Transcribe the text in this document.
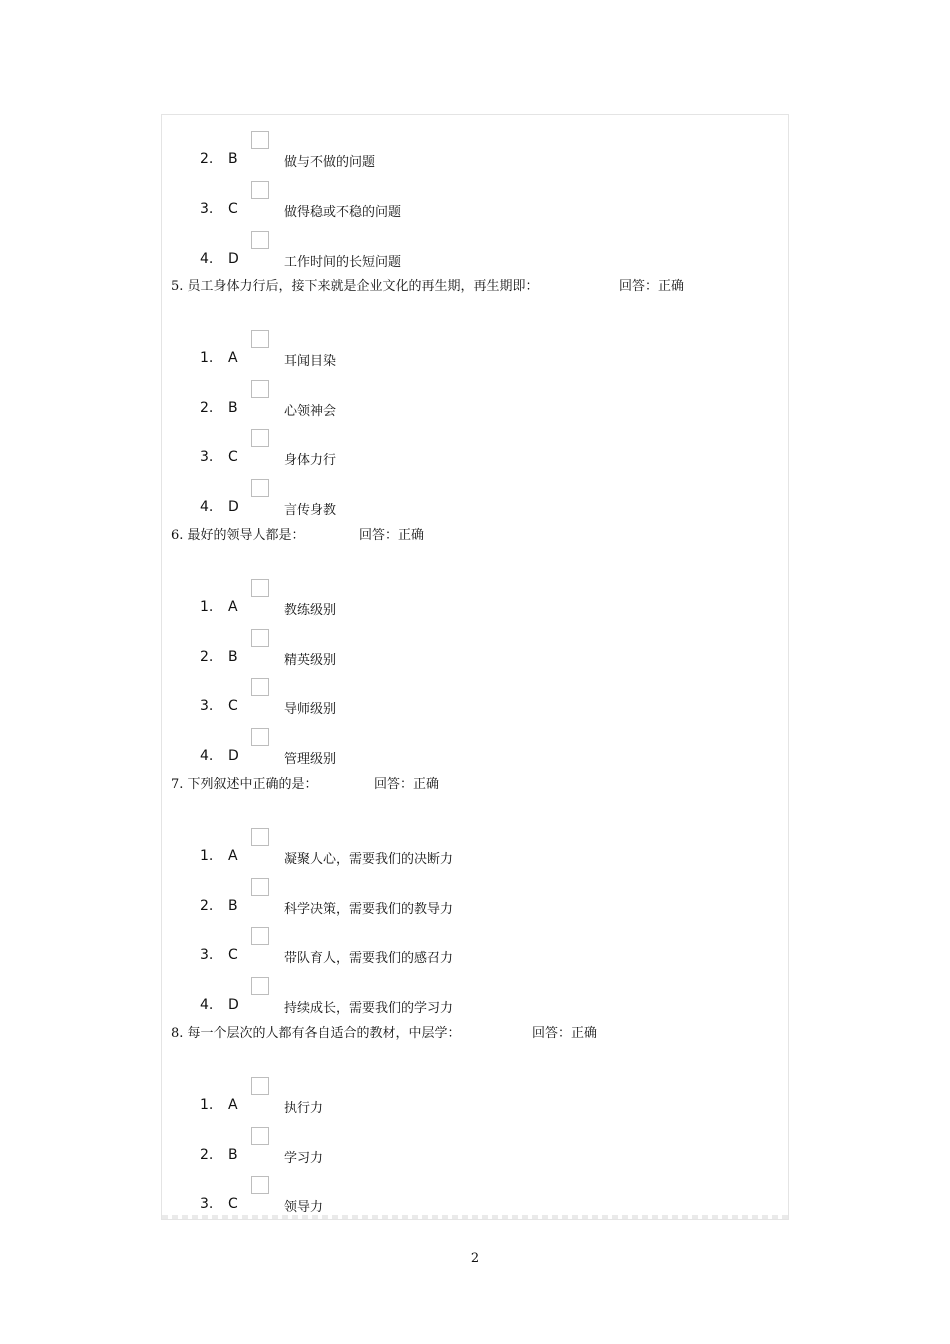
2.	B	做与不做的问题
3.	C	做得稳或不稳的问题
4.	D	工作时间的长短问题
5. 员工身体力行后，接下来就是企业文化的再生期，再生期即：	回答：正确
1.	A	耳闻目染
2.	B	心领神会
3.	C	身体力行
4.	D	言传身教
6. 最好的领导人都是：	回答：正确
1.	A	教练级别
2.	B	精英级别
3.	C	导师级别
4.	D	管理级别
7. 下列叙述中正确的是：	回答：正确
1.	A	凝聚人心，需要我们的决断力
2.	B	科学决策，需要我们的教导力
3.	C	带队育人，需要我们的感召力
4.	D	持续成长，需要我们的学习力
8. 每一个层次的人都有各自适合的教材，中层学：	回答：正确
1.	A	执行力
2.	B	学习力
3.	C	领导力
2
